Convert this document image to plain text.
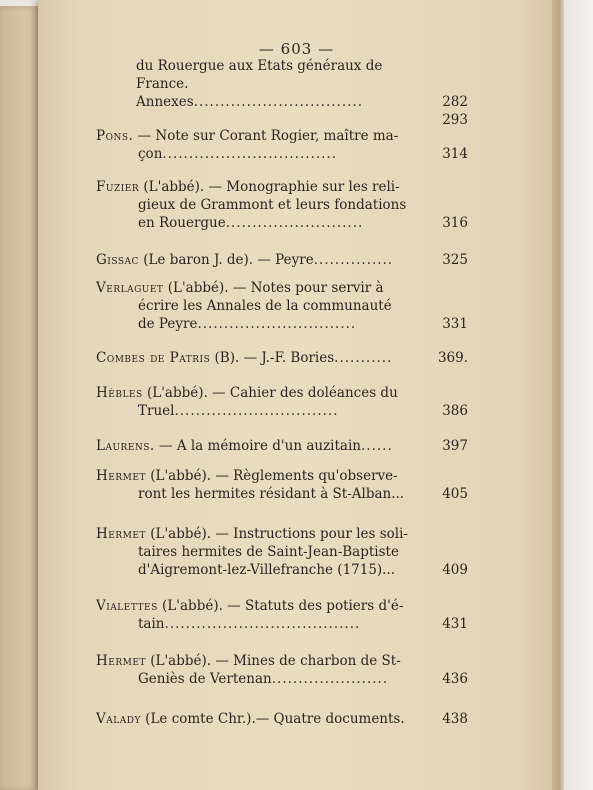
— 603 —
du Rouergue aux Etats généraux de
France.
Annexes................................	282
293
Pons. — Note sur Corant Rogier, maître ma-
çon.................................	314
Fuzier (L'abbé). — Monographie sur les reli-
gieux de Grammont et leurs fondations
en Rouergue..........................	316
Gissac (Le baron J. de). — Peyre...............	325
Verlaguet (L'abbé). — Notes pour servir à
écrire les Annales de la communauté
de Peyre..............................	331
Combes de Patris (B). — J.-F. Bories...........	369.
Hèbles (L'abbé). — Cahier des doléances du
Truel...............................	386
Laurens. — A la mémoire d'un auzitain......	397
Hermet (L'abbé). — Règlements qu'observe-
ront les hermites résidant à St-Alban...	405
Hermet (L'abbé). — Instructions pour les soli-
taires hermites de Saint-Jean-Baptiste
d'Aigremont-lez-Villefranche (1715)...	409
Vialettes (L'abbé). — Statuts des potiers d'é-
tain.....................................	431
Hermet (L'abbé). — Mines de charbon de St-
Geniès de Vertenan......................	436
Valady (Le comte Chr.).— Quatre documents.	438
